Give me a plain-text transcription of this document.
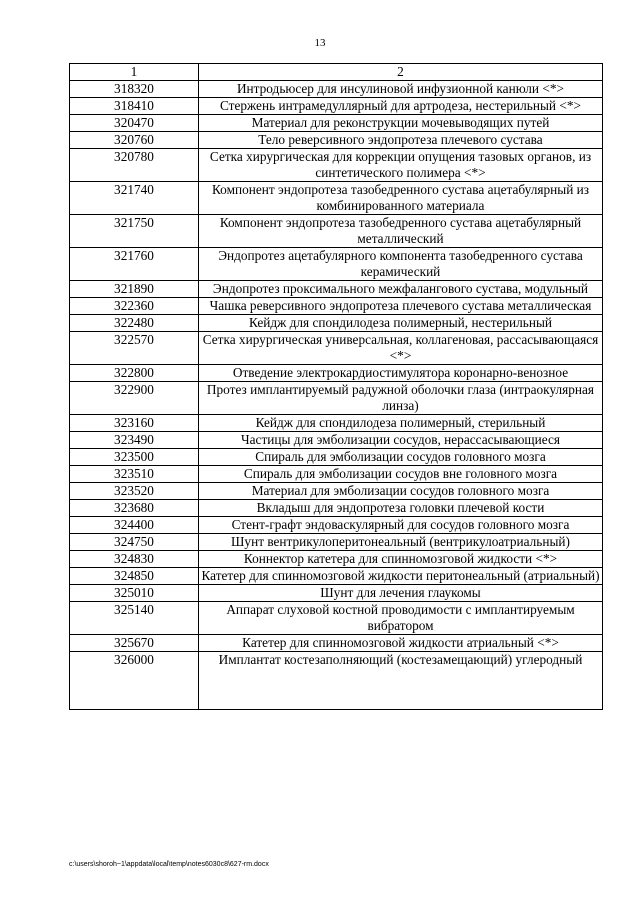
13
1	2
318320	Интродьюсер для инсулиновой инфузионной канюли <*>
318410	Стержень интрамедуллярный для артродеза, нестерильный <*>
320470	Материал для реконструкции мочевыводящих путей
320760	Тело реверсивного эндопротеза плечевого сустава
320780	Сетка хирургическая для коррекции опущения тазовых органов, из синтетического полимера <*>
321740	Компонент эндопротеза тазобедренного сустава ацетабулярный из комбинированного материала
321750	Компонент эндопротеза тазобедренного сустава ацетабулярный металлический
321760	Эндопротез ацетабулярного компонента тазобедренного сустава керамический
321890	Эндопротез проксимального межфалангового сустава, модульный
322360	Чашка реверсивного эндопротеза плечевого сустава металлическая
322480	Кейдж для спондилодеза полимерный, нестерильный
322570	Сетка хирургическая универсальная, коллагеновая, рассасывающаяся <*>
322800	Отведение электрокардиостимулятора коронарно-венозное
322900	Протез имплантируемый радужной оболочки глаза (интраокулярная линза)
323160	Кейдж для спондилодеза полимерный, стерильный
323490	Частицы для эмболизации сосудов, нерассасывающиеся
323500	Спираль для эмболизации сосудов головного мозга
323510	Спираль для эмболизации сосудов вне головного мозга
323520	Материал для эмболизации сосудов головного мозга
323680	Вкладыш для эндопротеза головки плечевой кости
324400	Стент-графт эндоваскулярный для сосудов головного мозга
324750	Шунт вентрикулоперитонеальный (вентрикулоатриальный)
324830	Коннектор катетера для спинномозговой жидкости <*>
324850	Катетер для спинномозговой жидкости перитонеальный (атриальный)
325010	Шунт для лечения глаукомы
325140	Аппарат слуховой костной проводимости с имплантируемым вибратором
325670	Катетер для спинномозговой жидкости атриальный <*>
326000	Имплантат костезаполняющий (костезамещающий) углеродный
c:\users\shoroh~1\appdata\local\temp\notes6030c8\627-rm.docx
